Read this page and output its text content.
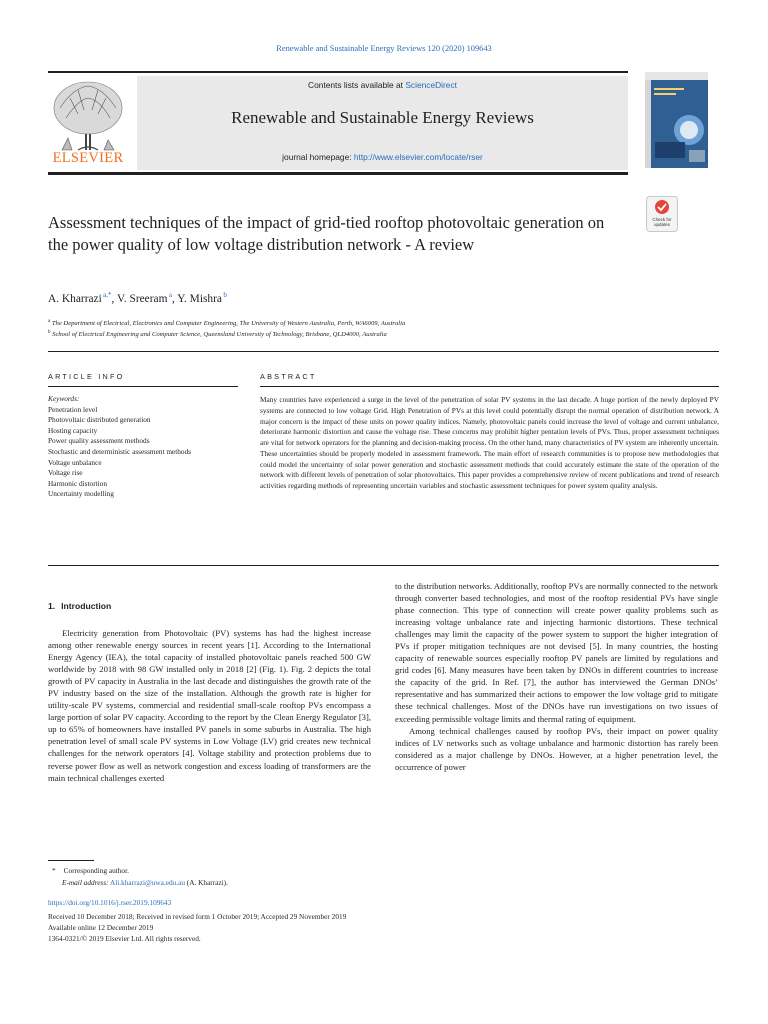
Renewable and Sustainable Energy Reviews 120 (2020) 109643
ELSEVIER
Contents lists available at ScienceDirect
Renewable and Sustainable Energy Reviews
journal homepage: http://www.elsevier.com/locate/rser
Assessment techniques of the impact of grid-tied rooftop photovoltaic generation on the power quality of low voltage distribution network - A review
Check for
updates
A. Kharrazi $^{a,*}$, V. Sreeram $^a$, Y. Mishra $^b$
$^a$ The Department of Electrical, Electronics and Computer Engineering, The University of Western Australia, Perth, WA6009, Australia
$^b$ School of Electrical Engineering and Computer Science, Queensland University of Technology, Brisbane, QLD4000, Australia
ARTICLE INFO	ABSTRACT
Keywords:
Penetration level
Photovoltaic distributed generation
Hosting capacity
Power quality assessment methods
Stochastic and deterministic assessment methods
Voltage unbalance
Voltage rise
Harmonic distortion
Uncertainty modelling
Many countries have experienced a surge in the level of the penetration of solar PV systems in the last decade. A huge portion of the newly deployed PV systems are connected to low voltage Grid. High Penetration of PVs at this level could potentially disrupt the normal operation of distribution network. A major concern is the impact of these units on power quality indices. Namely, photovoltaic panels could increase the level of voltage and current unbalance, deteriorate harmonic distortion and cause the voltage rise. These concerns may prohibit higher pentation levels of PVs. Thus, proper assessment techniques are vital for network operators for the planning and decision-making process. On the other hand, many characteristics of PV system are inherently uncertain. These uncertainties should be properly modeled in assessment framework. The main effort of research communities is to propose new methodologies that could model the uncertainty of solar power generation and stochastic assessment methods that could accurately estimate the state of the operation of the network with different levels of penetration of solar photovoltaics. This paper provides a comprehensive review of recent publications and trend of research activities regarding methods of representing uncertain variables and stochastic assessment techniques for power system quality analysis.
1. Introduction

Electricity generation from Photovoltaic (PV) systems has had the highest increase among other renewable energy sources in recent years [1]. According to the International Energy Agency (IEA), the total capacity of installed photovoltaic panels reached 500 GW worldwide by 2018 with 98 GW installed only in 2018 [2] (Fig. 1). Fig. 2 depicts the total growth of PV capacity in Australia in the last decade and distinguishes the growth rate of the PV industry based on the size of the installation. Although the growth rate is higher for utility-scale PV systems, commercial and residential small-scale rooftop PVs encompass a large portion of solar PV capacity. According to the report by the Clean Energy Regulator [3], up to 65% of homeowners have installed PV panels in some suburbs in Australia. The high penetration level of small scale PV systems in Low Voltage (LV) grid creates new technical challenges for the network operators [4]. Voltage stability and protection problems due to reverse power flow as well as network congestion and excess loading of transformers are the main technical challenges exerted

to the distribution networks. Additionally, rooftop PVs are normally connected to the network through converter based technologies, and most of the rooftop residential PVs have single phase connection. This type of connection will create power quality problems such as increasing voltage unbalance rate and injecting harmonic distortions. These technical challenges may limit the capacity of the power system to support the higher integration of PVs if proper mitigation techniques are not devised [5]. In many countries, the hosting capacity of renewable sources especially rooftop PV panels are limited by regulations and grid codes [6]. Many measures have been taken by DNOs in different countries to increase the capacity of the grid. In Ref. [7], the author has interviewed the German DNOs’ representative and has summarized their actions to empower the low voltage grid to mitigate these technical challenges. Most of the DNOs have run investigations on two issues of exceeding permissible voltage limits and thermal rating of equipment.

Among technical challenges caused by rooftop PVs, their impact on power quality indices of LV networks such as voltage unbalance and harmonic distortion has rarely been considered as a major challenge by DNOs. However, at a higher penetration level, the occurrence of power

* Corresponding author.
E-mail address: Ali.kharrazi@uwa.edu.au (A. Kharrazi).
https://doi.org/10.1016/j.rser.2019.109643
Received 10 December 2018; Received in revised form 1 October 2019; Accepted 29 November 2019
Available online 12 December 2019
1364-0321/© 2019 Elsevier Ltd. All rights reserved.
